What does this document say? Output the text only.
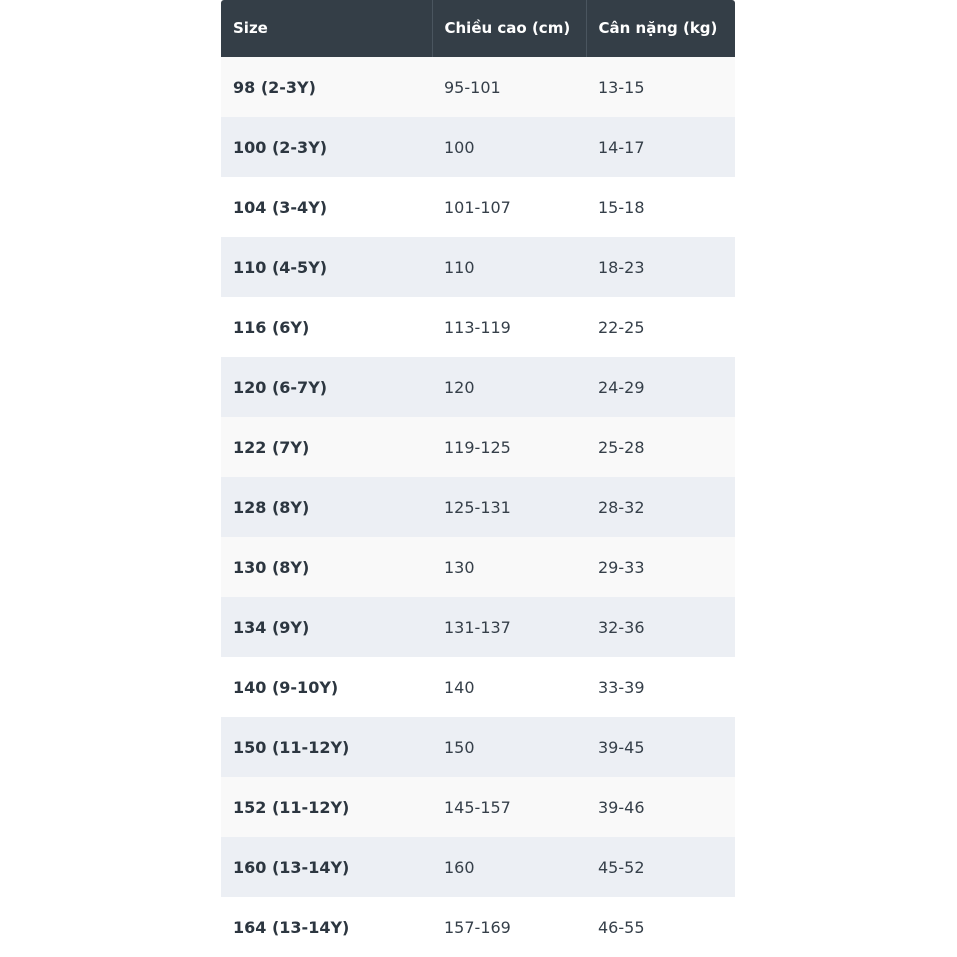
Size	Chiều cao (cm)	Cân nặng (kg)
98 (2-3Y)	95-101	13-15
100 (2-3Y)	100	14-17
104 (3-4Y)	101-107	15-18
110 (4-5Y)	110	18-23
116 (6Y)	113-119	22-25
120 (6-7Y)	120	24-29
122 (7Y)	119-125	25-28
128 (8Y)	125-131	28-32
130 (8Y)	130	29-33
134 (9Y)	131-137	32-36
140 (9-10Y)	140	33-39
150 (11-12Y)	150	39-45
152 (11-12Y)	145-157	39-46
160 (13-14Y)	160	45-52
164 (13-14Y)	157-169	46-55
